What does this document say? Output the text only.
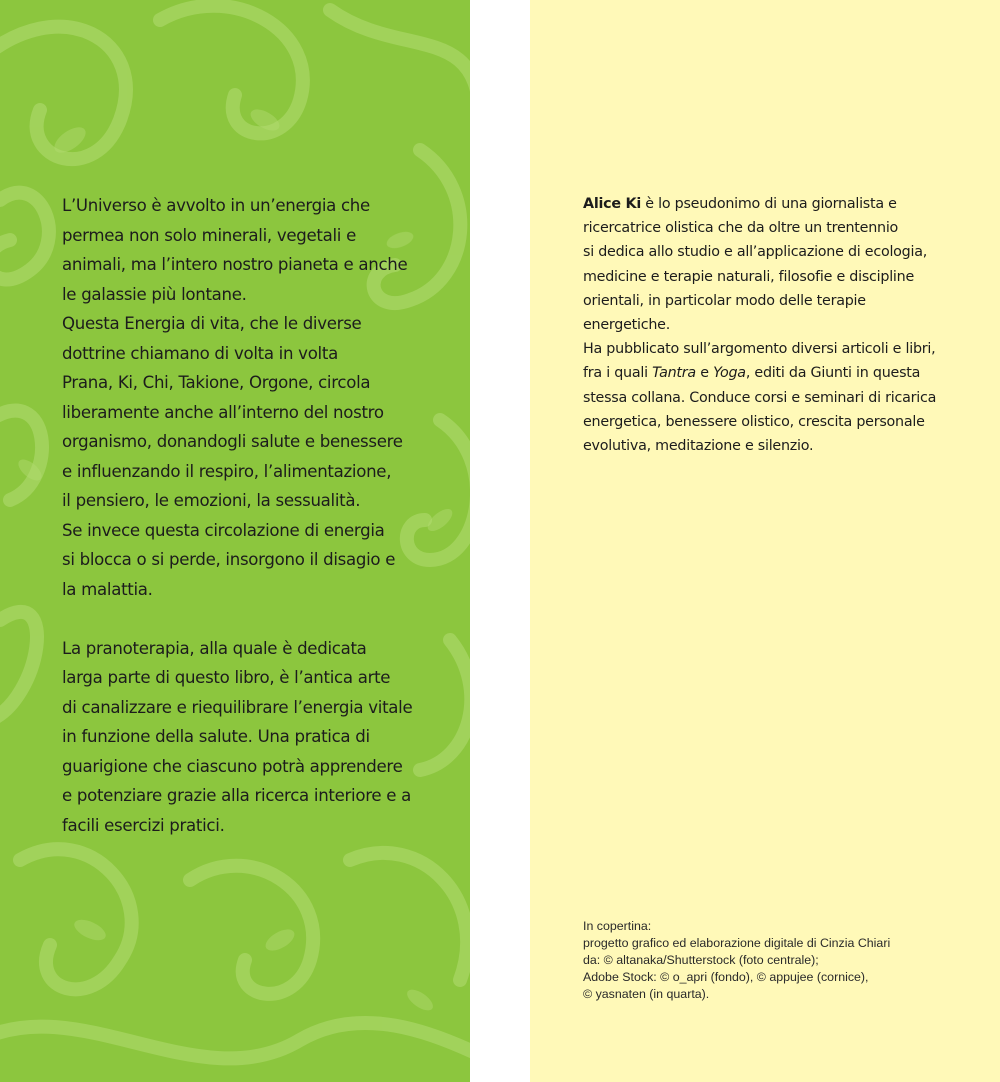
L’Universo è avvolto in un’energia che

permea non solo minerali, vegetali e

animali, ma l’intero nostro pianeta e anche

le galassie più lontane.

Questa Energia di vita, che le diverse

dottrine chiamano di volta in volta

Prana, Ki, Chi, Takione, Orgone, circola

liberamente anche all’interno del nostro

organismo, donandogli salute e benessere

e influenzando il respiro, l’alimentazione,

il pensiero, le emozioni, la sessualità.

Se invece questa circolazione di energia

si blocca o si perde, insorgono il disagio e

la malattia.

La pranoterapia, alla quale è dedicata

larga parte di questo libro, è l’antica arte

di canalizzare e riequilibrare l’energia vitale

in funzione della salute. Una pratica di

guarigione che ciascuno potrà apprendere

e potenziare grazie alla ricerca interiore e a

facili esercizi pratici.

Alice Ki è lo pseudonimo di una giornalista e

ricercatrice olistica che da oltre un trentennio

si dedica allo studio e all’applicazione di ecologia,

medicine e terapie naturali, filosofie e discipline

orientali, in particolar modo delle terapie

energetiche.

Ha pubblicato sull’argomento diversi articoli e libri,

fra i quali Tantra e Yoga, editi da Giunti in questa

stessa collana. Conduce corsi e seminari di ricarica

energetica, benessere olistico, crescita personale

evolutiva, meditazione e silenzio.

In copertina:

progetto grafico ed elaborazione digitale di Cinzia Chiari

da: © altanaka/Shutterstock (foto centrale);

Adobe Stock: © o_apri (fondo), © appujee (cornice),

© yasnaten (in quarta).
